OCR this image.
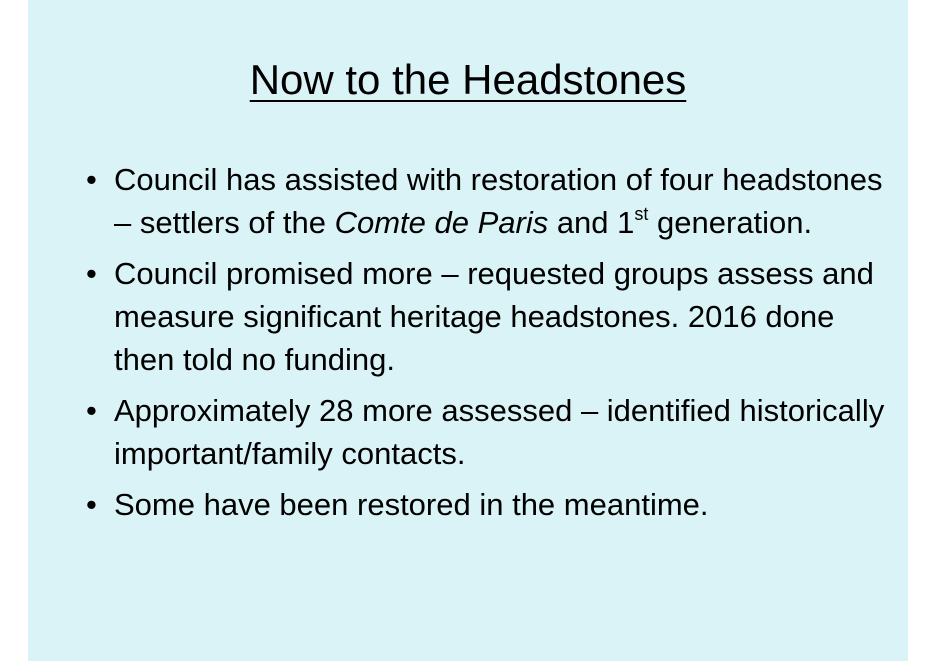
Now to the Headstones
• Council has assisted with restoration of four headstones – settlers of the Comte de Paris and 1st generation.
• Council promised more – requested groups assess and measure significant heritage headstones. 2016 done then told no funding.
• Approximately 28 more assessed – identified historically important/family contacts.
• Some have been restored in the meantime.
